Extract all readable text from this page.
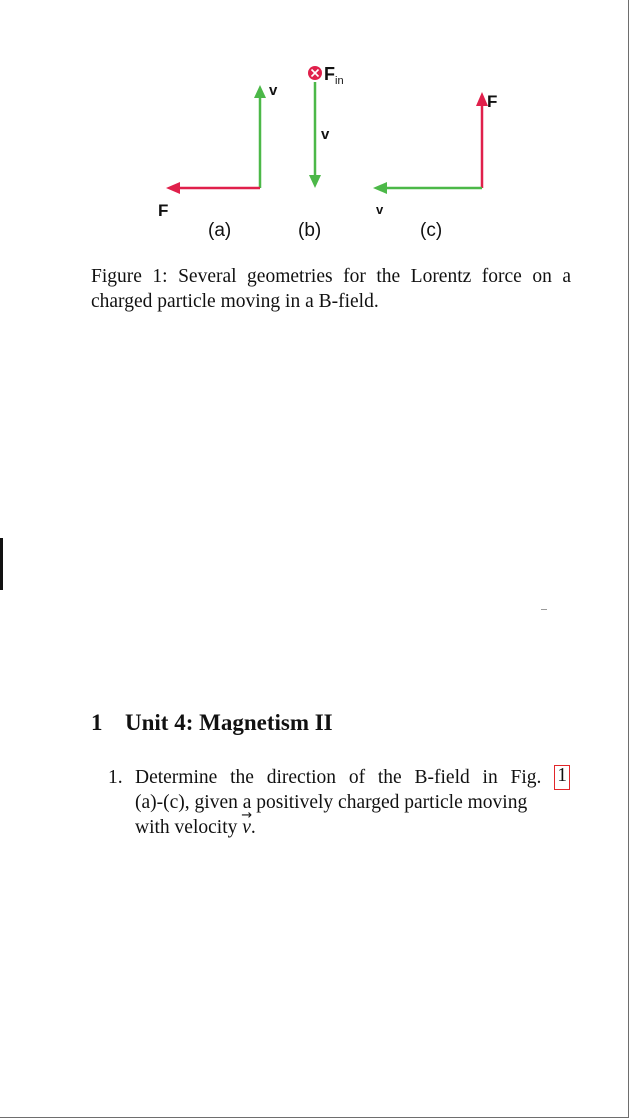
v
F
(a)
$F_{in}$
v
(b)
F
v
(c)
Figure 1: Several geometries for the Lorentz force on a charged particle moving in a B-field.
1 Unit 4: Magnetism II
1. Determine the direction of the B-field in Fig. 1
(a)-(c), given a positively charged particle moving
with velocity → v.
